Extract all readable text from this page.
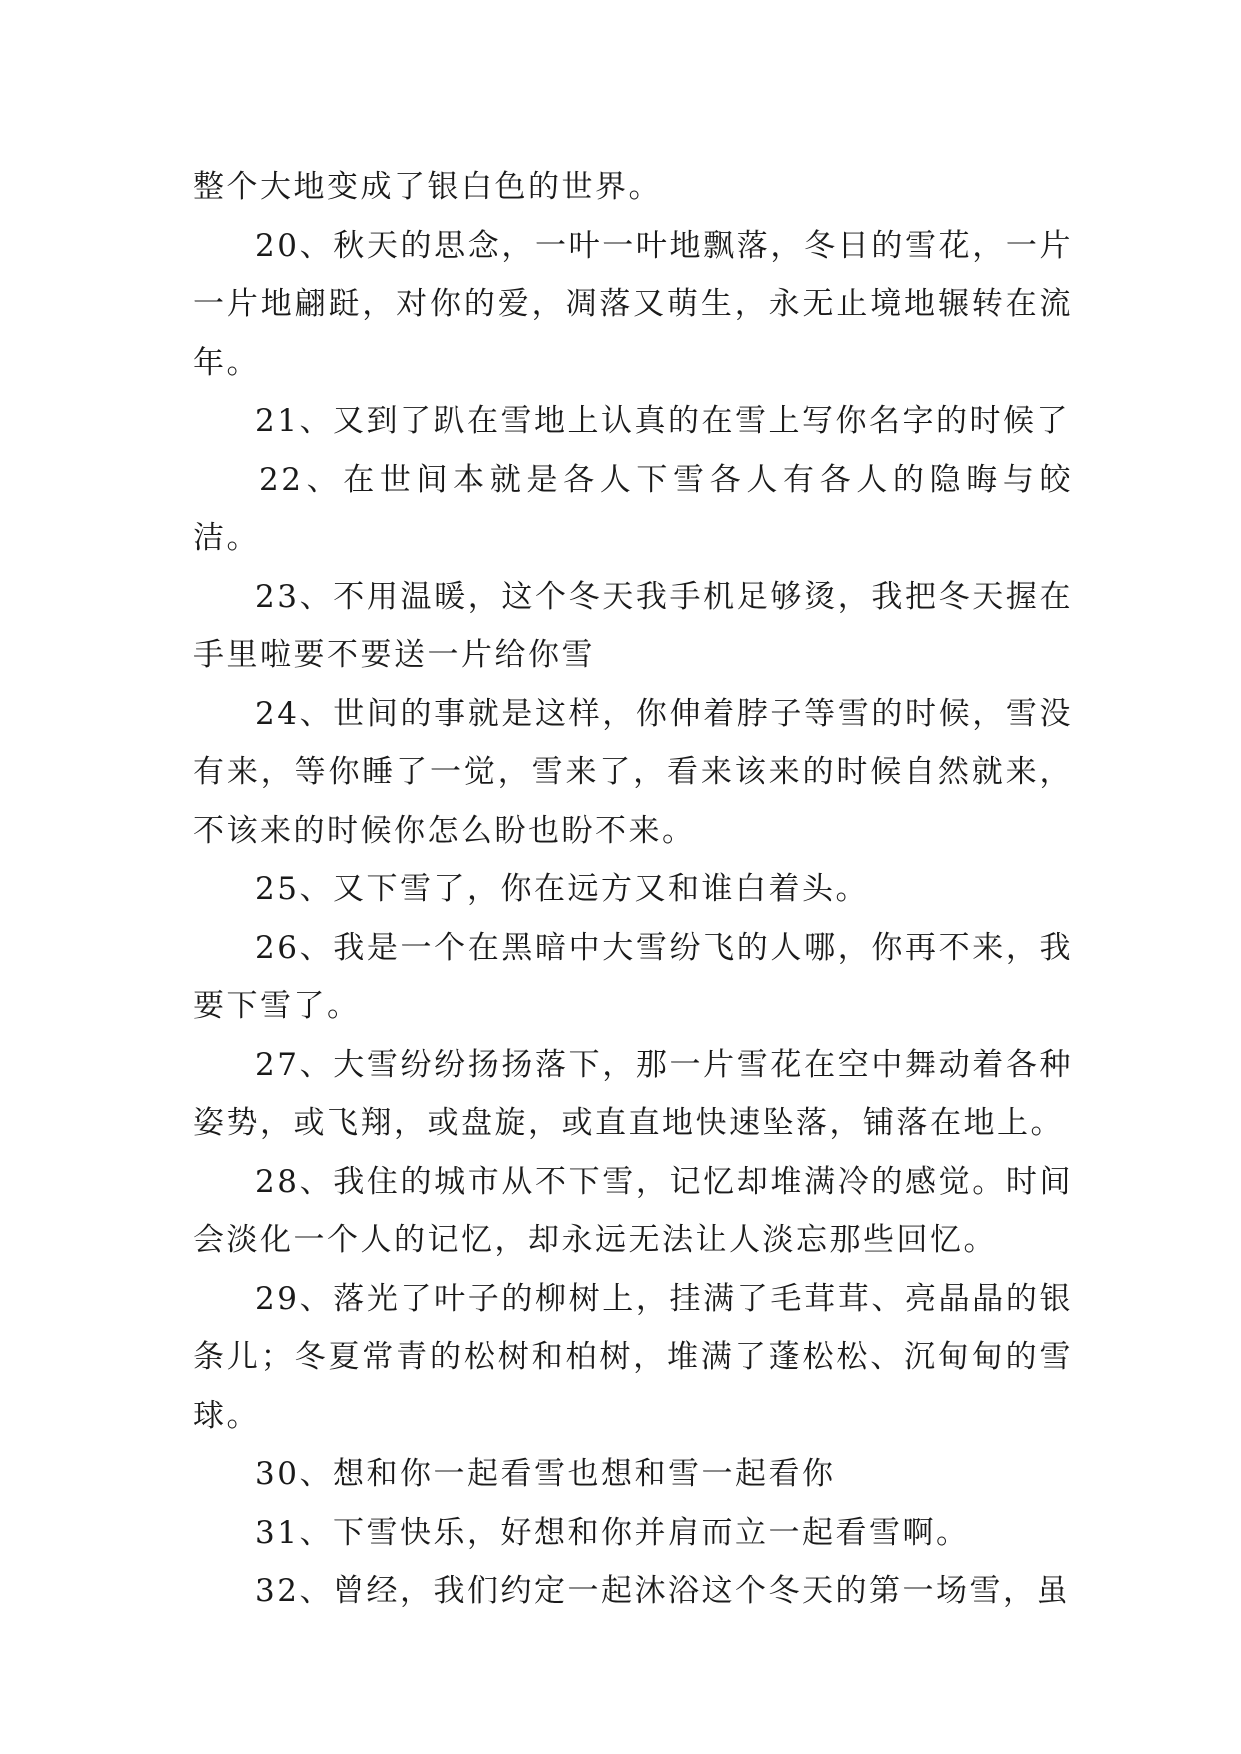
整个大地变成了银白色的世界。

20、秋天的思念，一叶一叶地飘落，冬日的雪花，一片一片地翩跹，对你的爱，凋落又萌生，永无止境地辗转在流年。

21、又到了趴在雪地上认真的在雪上写你名字的时候了

22、在世间本就是各人下雪各人有各人的隐晦与皎洁。

23、不用温暖，这个冬天我手机足够烫，我把冬天握在手里啦要不要送一片给你雪

24、世间的事就是这样，你伸着脖子等雪的时候，雪没有来，等你睡了一觉，雪来了，看来该来的时候自然就来，不该来的时候你怎么盼也盼不来。

25、又下雪了，你在远方又和谁白着头。

26、我是一个在黑暗中大雪纷飞的人哪，你再不来，我要下雪了。

27、大雪纷纷扬扬落下，那一片雪花在空中舞动着各种姿势，或飞翔，或盘旋，或直直地快速坠落，铺落在地上。

28、我住的城市从不下雪，记忆却堆满冷的感觉。时间会淡化一个人的记忆，却永远无法让人淡忘那些回忆。

29、落光了叶子的柳树上，挂满了毛茸茸、亮晶晶的银条儿；冬夏常青的松树和柏树，堆满了蓬松松、沉甸甸的雪球。

30、想和你一起看雪也想和雪一起看你

31、下雪快乐，好想和你并肩而立一起看雪啊。

32、曾经，我们约定一起沐浴这个冬天的第一场雪，虽
